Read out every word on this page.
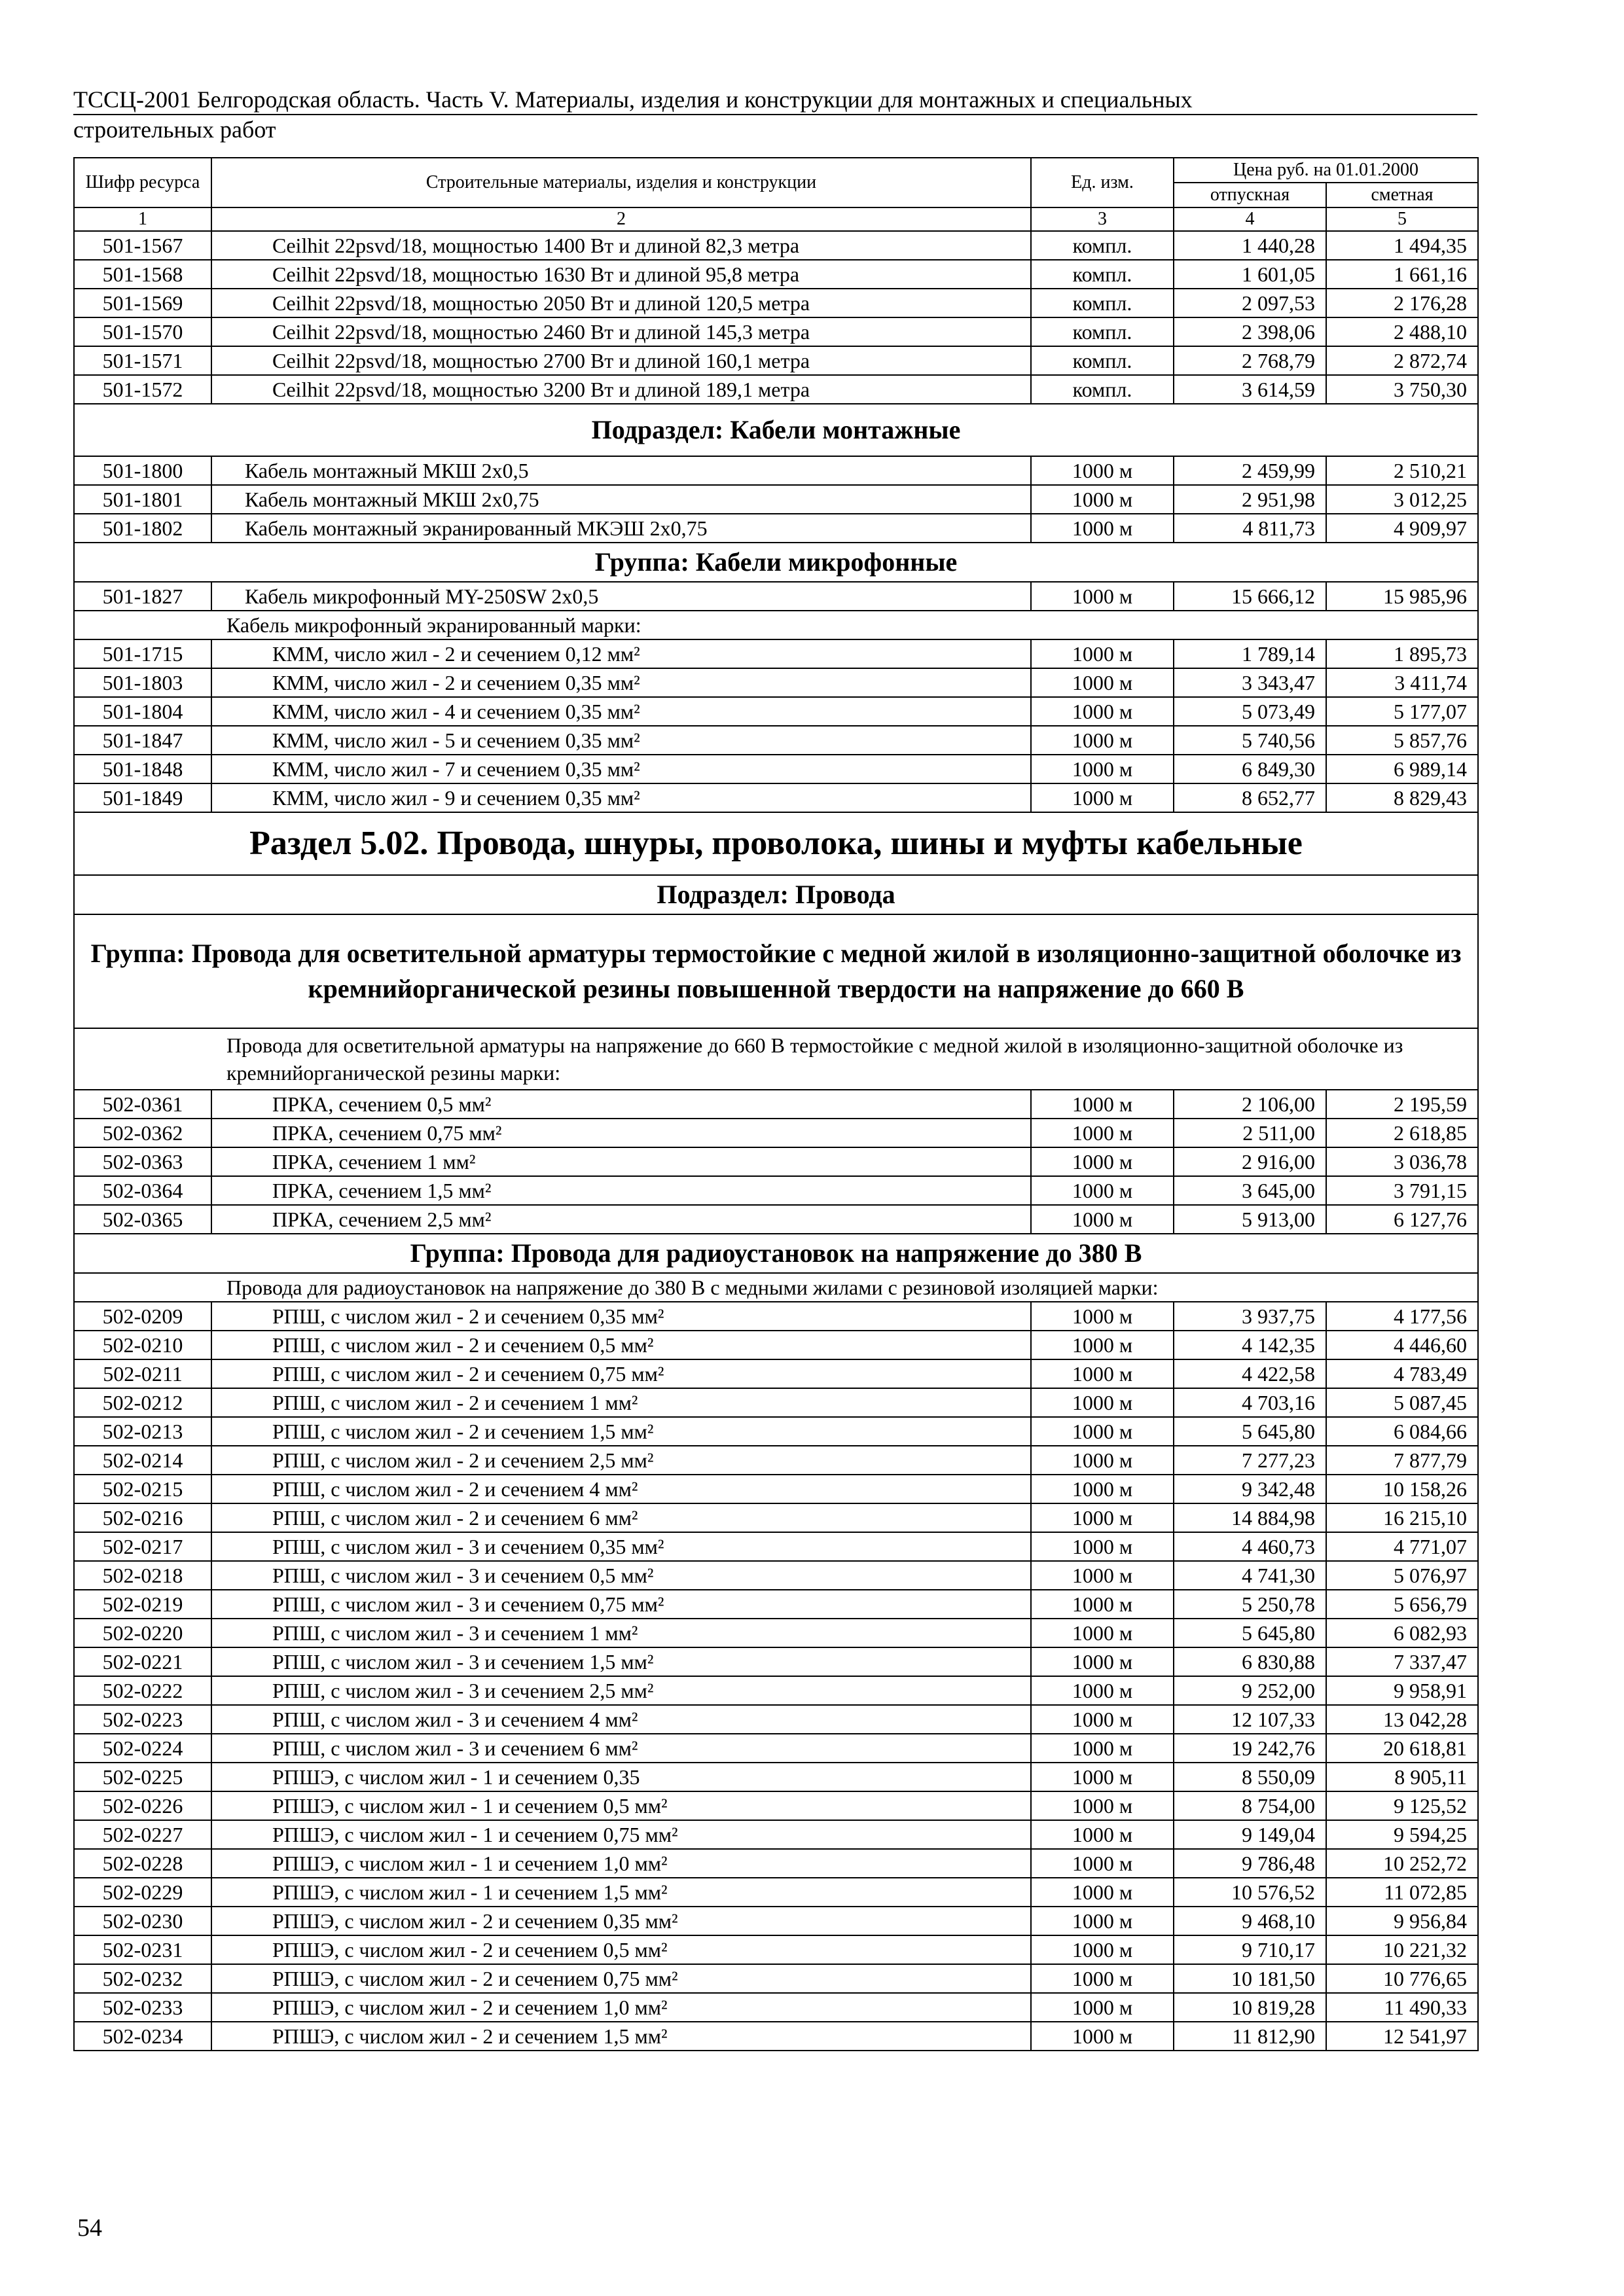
ТССЦ-2001 Белгородская область. Часть V. Материалы, изделия и конструкции для монтажных и специальных
строительных работ
Шифр ресурса	Строительные материалы, изделия и конструкции	Ед. изм.	Цена руб. на 01.01.2000	
			отпускная	сметная
1	2	3	4	5
501-1567	Ceilhit 22psvd/18, мощностью 1400 Вт и длиной 82,3 метра	компл.	1 440,28	1 494,35
501-1568	Ceilhit 22psvd/18, мощностью 1630 Вт и длиной 95,8 метра	компл.	1 601,05	1 661,16
501-1569	Ceilhit 22psvd/18, мощностью 2050 Вт и длиной 120,5 метра	компл.	2 097,53	2 176,28
501-1570	Ceilhit 22psvd/18, мощностью 2460 Вт и длиной 145,3 метра	компл.	2 398,06	2 488,10
501-1571	Ceilhit 22psvd/18, мощностью 2700 Вт и длиной 160,1 метра	компл.	2 768,79	2 872,74
501-1572	Ceilhit 22psvd/18, мощностью 3200 Вт и длиной 189,1 метра	компл.	3 614,59	3 750,30
Подраздел: Кабели монтажные				
501-1800	Кабель монтажный МКШ 2х0,5	1000 м	2 459,99	2 510,21
501-1801	Кабель монтажный МКШ 2х0,75	1000 м	2 951,98	3 012,25
501-1802	Кабель монтажный экранированный МКЭШ 2х0,75	1000 м	4 811,73	4 909,97
Группа: Кабели микрофонные				
501-1827	Кабель микрофонный MY-250SW 2х0,5	1000 м	15 666,12	15 985,96
Кабель микрофонный экранированный марки:				
501-1715	КММ, число жил - 2 и сечением 0,12 мм²	1000 м	1 789,14	1 895,73
501-1803	КММ, число жил - 2 и сечением 0,35 мм²	1000 м	3 343,47	3 411,74
501-1804	КММ, число жил - 4 и сечением 0,35 мм²	1000 м	5 073,49	5 177,07
501-1847	КММ, число жил - 5 и сечением 0,35 мм²	1000 м	5 740,56	5 857,76
501-1848	КММ, число жил - 7 и сечением 0,35 мм²	1000 м	6 849,30	6 989,14
501-1849	КММ, число жил - 9 и сечением 0,35 мм²	1000 м	8 652,77	8 829,43
Раздел 5.02. Провода, шнуры, проволока, шины и муфты кабельные				
Подраздел: Провода				
Группа: Провода для осветительной арматуры термостойкие с медной жилой в изоляционно-защитной оболочке из кремнийорганической резины повышенной твердости на напряжение до 660 В				
Провода для осветительной арматуры на напряжение до 660 В термостойкие с медной жилой в изоляционно-защитной оболочке из кремнийорганической резины марки:				
502-0361	ПРКА, сечением 0,5 мм²	1000 м	2 106,00	2 195,59
502-0362	ПРКА, сечением 0,75 мм²	1000 м	2 511,00	2 618,85
502-0363	ПРКА, сечением 1 мм²	1000 м	2 916,00	3 036,78
502-0364	ПРКА, сечением 1,5 мм²	1000 м	3 645,00	3 791,15
502-0365	ПРКА, сечением 2,5 мм²	1000 м	5 913,00	6 127,76
Группа: Провода для радиоустановок на напряжение до 380 В				
Провода для радиоустановок на напряжение до 380 В с медными жилами с резиновой изоляцией марки:				
502-0209	РПШ, с числом жил - 2 и сечением 0,35 мм²	1000 м	3 937,75	4 177,56
502-0210	РПШ, с числом жил - 2 и сечением 0,5 мм²	1000 м	4 142,35	4 446,60
502-0211	РПШ, с числом жил - 2 и сечением 0,75 мм²	1000 м	4 422,58	4 783,49
502-0212	РПШ, с числом жил - 2 и сечением 1 мм²	1000 м	4 703,16	5 087,45
502-0213	РПШ, с числом жил - 2 и сечением 1,5 мм²	1000 м	5 645,80	6 084,66
502-0214	РПШ, с числом жил - 2 и сечением 2,5 мм²	1000 м	7 277,23	7 877,79
502-0215	РПШ, с числом жил - 2 и сечением 4 мм²	1000 м	9 342,48	10 158,26
502-0216	РПШ, с числом жил - 2 и сечением 6 мм²	1000 м	14 884,98	16 215,10
502-0217	РПШ, с числом жил - 3 и сечением 0,35 мм²	1000 м	4 460,73	4 771,07
502-0218	РПШ, с числом жил - 3 и сечением 0,5 мм²	1000 м	4 741,30	5 076,97
502-0219	РПШ, с числом жил - 3 и сечением 0,75 мм²	1000 м	5 250,78	5 656,79
502-0220	РПШ, с числом жил - 3 и сечением 1 мм²	1000 м	5 645,80	6 082,93
502-0221	РПШ, с числом жил - 3 и сечением 1,5 мм²	1000 м	6 830,88	7 337,47
502-0222	РПШ, с числом жил - 3 и сечением 2,5 мм²	1000 м	9 252,00	9 958,91
502-0223	РПШ, с числом жил - 3 и сечением 4 мм²	1000 м	12 107,33	13 042,28
502-0224	РПШ, с числом жил - 3 и сечением 6 мм²	1000 м	19 242,76	20 618,81
502-0225	РПШЭ, с числом жил - 1 и сечением 0,35	1000 м	8 550,09	8 905,11
502-0226	РПШЭ, с числом жил - 1 и сечением 0,5 мм²	1000 м	8 754,00	9 125,52
502-0227	РПШЭ, с числом жил - 1 и сечением 0,75 мм²	1000 м	9 149,04	9 594,25
502-0228	РПШЭ, с числом жил - 1 и сечением 1,0 мм²	1000 м	9 786,48	10 252,72
502-0229	РПШЭ, с числом жил - 1 и сечением 1,5 мм²	1000 м	10 576,52	11 072,85
502-0230	РПШЭ, с числом жил - 2 и сечением 0,35 мм²	1000 м	9 468,10	9 956,84
502-0231	РПШЭ, с числом жил - 2 и сечением 0,5 мм²	1000 м	9 710,17	10 221,32
502-0232	РПШЭ, с числом жил - 2 и сечением 0,75 мм²	1000 м	10 181,50	10 776,65
502-0233	РПШЭ, с числом жил - 2 и сечением 1,0 мм²	1000 м	10 819,28	11 490,33
502-0234	РПШЭ, с числом жил - 2 и сечением 1,5 мм²	1000 м	11 812,90	12 541,97
54
